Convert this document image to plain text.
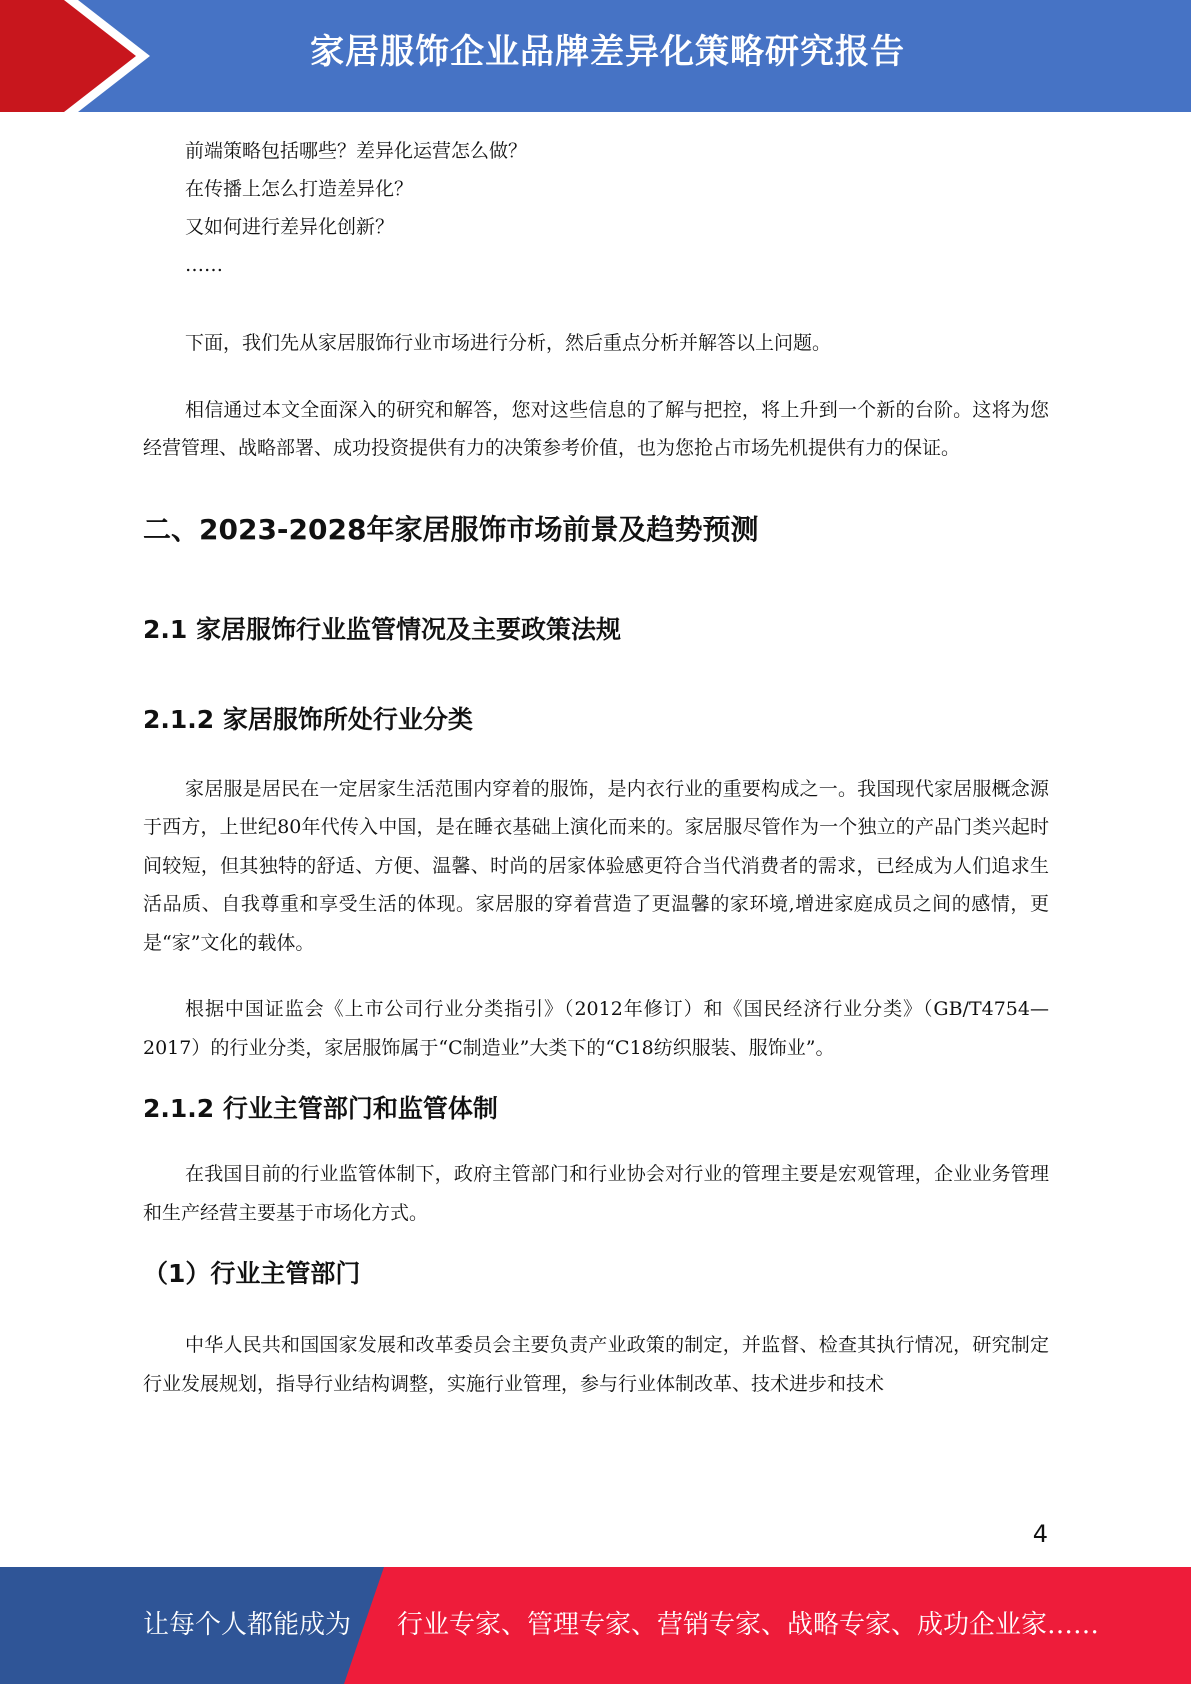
家居服饰企业品牌差异化策略研究报告

前端策略包括哪些？差异化运营怎么做？

在传播上怎么打造差异化？

又如何进行差异化创新？

……

下面，我们先从家居服饰行业市场进行分析，然后重点分析并解答以上问题。

相信通过本文全面深入的研究和解答，您对这些信息的了解与把控，将上升到一个新的台阶。这将为您经营管理、战略部署、成功投资提供有力的决策参考价值，也为您抢占市场先机提供有力的保证。

二、2023-2028年家居服饰市场前景及趋势预测
2.1 家居服饰行业监管情况及主要政策法规
2.1.2 家居服饰所处行业分类

家居服是居民在一定居家生活范围内穿着的服饰，是内衣行业的重要构成之一。我国现代家居服概念源于西方，上世纪80年代传入中国，是在睡衣基础上演化而来的。家居服尽管作为一个独立的产品门类兴起时间较短，但其独特的舒适、方便、温馨、时尚的居家体验感更符合当代消费者的需求，已经成为人们追求生活品质、自我尊重和享受生活的体现。家居服的穿着营造了更温馨的家环境,增进家庭成员之间的感情，更是“家”文化的载体。

根据中国证监会《上市公司行业分类指引》（2012年修订）和《国民经济行业分类》（GB/T4754—2017）的行业分类，家居服饰属于“C制造业”大类下的“C18纺织服装、服饰业”。

2.1.2 行业主管部门和监管体制

在我国目前的行业监管体制下，政府主管部门和行业协会对行业的管理主要是宏观管理，企业业务管理和生产经营主要基于市场化方式。

（1）行业主管部门

中华人民共和国国家发展和改革委员会主要负责产业政策的制定，并监督、检查其执行情况，研究制定行业发展规划，指导行业结构调整，实施行业管理，参与行业体制改革、技术进步和技术

4
让每个人都能成为 行业专家、管理专家、营销专家、战略专家、成功企业家……
